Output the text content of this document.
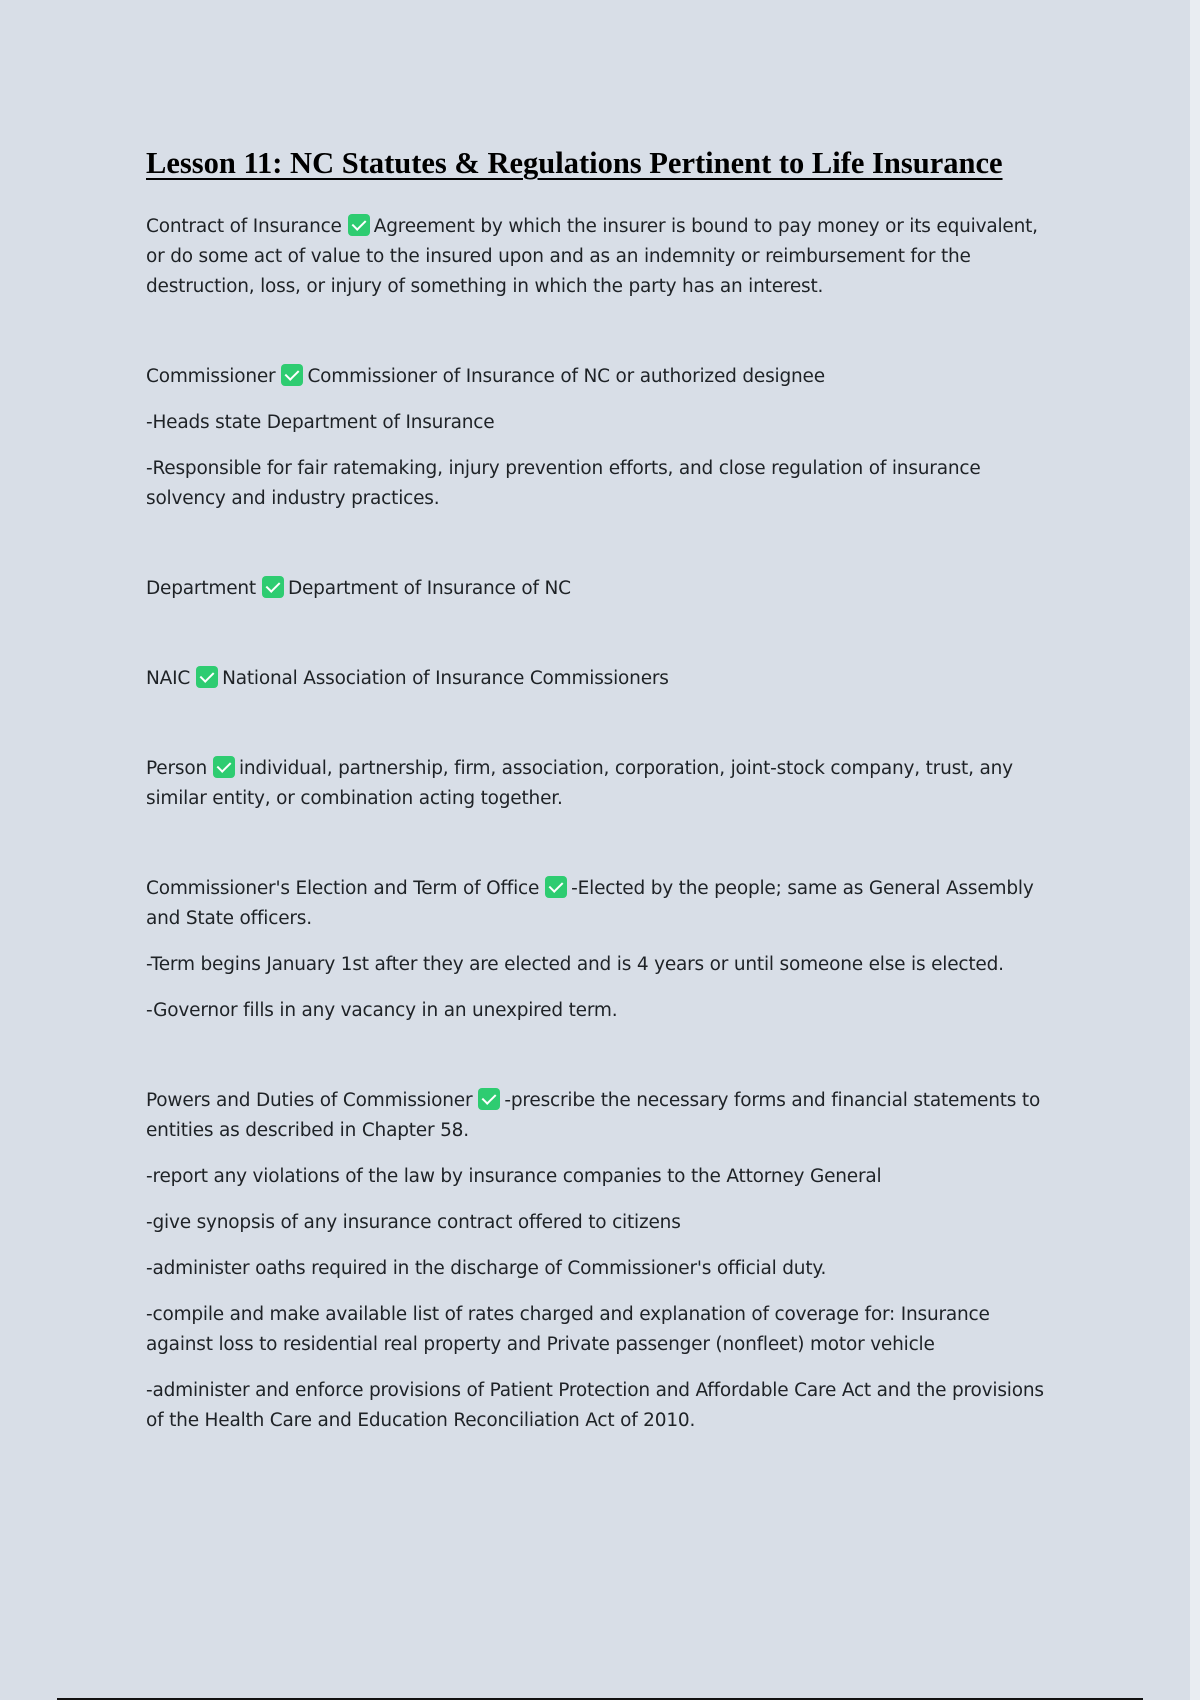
Lesson 11: NC Statutes & Regulations Pertinent to Life Insurance

Contract of Insurance Agreement by which the insurer is bound to pay money or its equivalent, or do some act of value to the insured upon and as an indemnity or reimbursement for the destruction, loss, or injury of something in which the party has an interest.

Commissioner Commissioner of Insurance of NC or authorized designee

-Heads state Department of Insurance

-Responsible for fair ratemaking, injury prevention efforts, and close regulation of insurance solvency and industry practices.

Department Department of Insurance of NC

NAIC National Association of Insurance Commissioners

Person individual, partnership, firm, association, corporation, joint-stock company, trust, any similar entity, or combination acting together.

Commissioner's Election and Term of Office -Elected by the people; same as General Assembly and State officers.

-Term begins January 1st after they are elected and is 4 years or until someone else is elected.

-Governor fills in any vacancy in an unexpired term.

Powers and Duties of Commissioner -prescribe the necessary forms and financial statements to entities as described in Chapter 58.

-report any violations of the law by insurance companies to the Attorney General

-give synopsis of any insurance contract offered to citizens

-administer oaths required in the discharge of Commissioner's official duty.

-compile and make available list of rates charged and explanation of coverage for: Insurance against loss to residential real property and Private passenger (nonfleet) motor vehicle

-administer and enforce provisions of Patient Protection and Affordable Care Act and the provisions of the Health Care and Education Reconciliation Act of 2010.
